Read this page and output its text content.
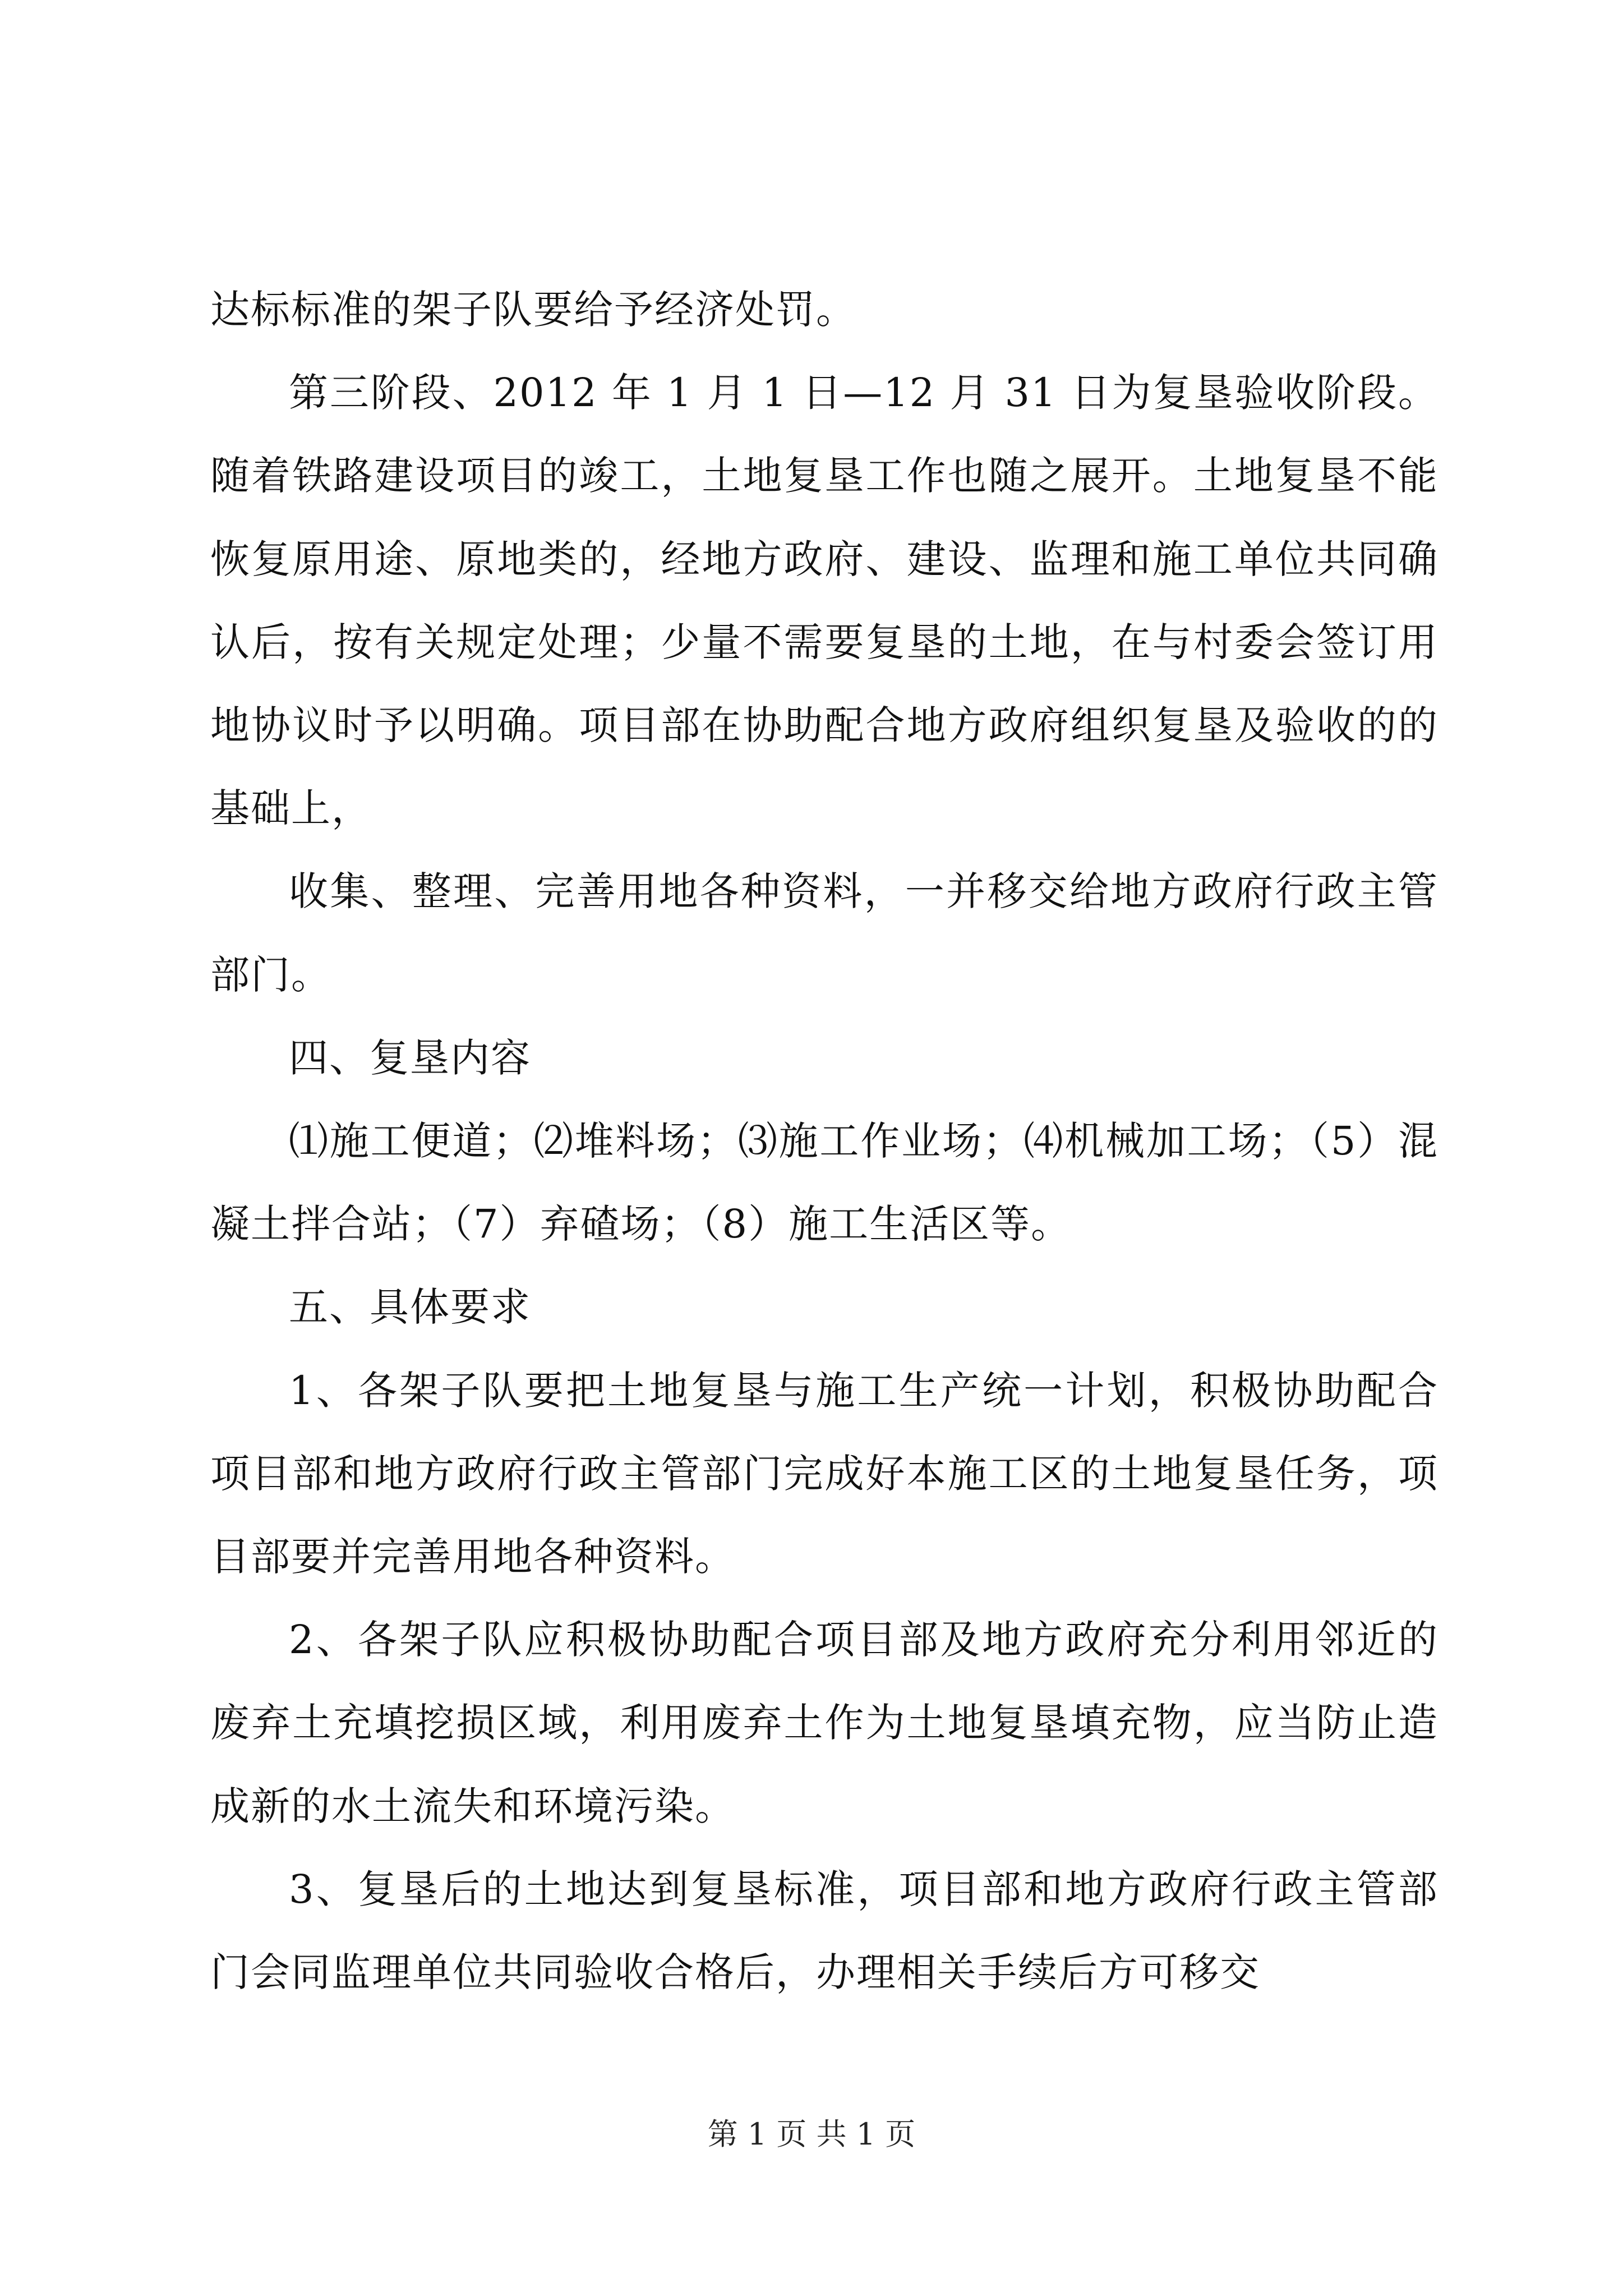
达标标准的架子队要给予经济处罚。

第三阶段、2012 年 1 月 1 日—12 月 31 日为复垦验收阶段。随着铁路建设项目的竣工，土地复垦工作也随之展开。土地复垦不能恢复原用途、原地类的，经地方政府、建设、监理和施工单位共同确认后，按有关规定处理；少量不需要复垦的土地，在与村委会签订用地协议时予以明确。项目部在协助配合地方政府组织复垦及验收的的基础上，

收集、整理、完善用地各种资料，一并移交给地方政府行政主管部门。

四、复垦内容

⑴施工便道；⑵堆料场；⑶施工作业场；⑷机械加工场；（5）混凝土拌合站；（7）弃碴场；（8）施工生活区等。

五、具体要求

1、各架子队要把土地复垦与施工生产统一计划，积极协助配合项目部和地方政府行政主管部门完成好本施工区的土地复垦任务，项目部要并完善用地各种资料。

2、各架子队应积极协助配合项目部及地方政府充分利用邻近的废弃土充填挖损区域，利用废弃土作为土地复垦填充物，应当防止造成新的水土流失和环境污染。

3、复垦后的土地达到复垦标准，项目部和地方政府行政主管部门会同监理单位共同验收合格后，办理相关手续后方可移交

第 1 页 共 1 页
